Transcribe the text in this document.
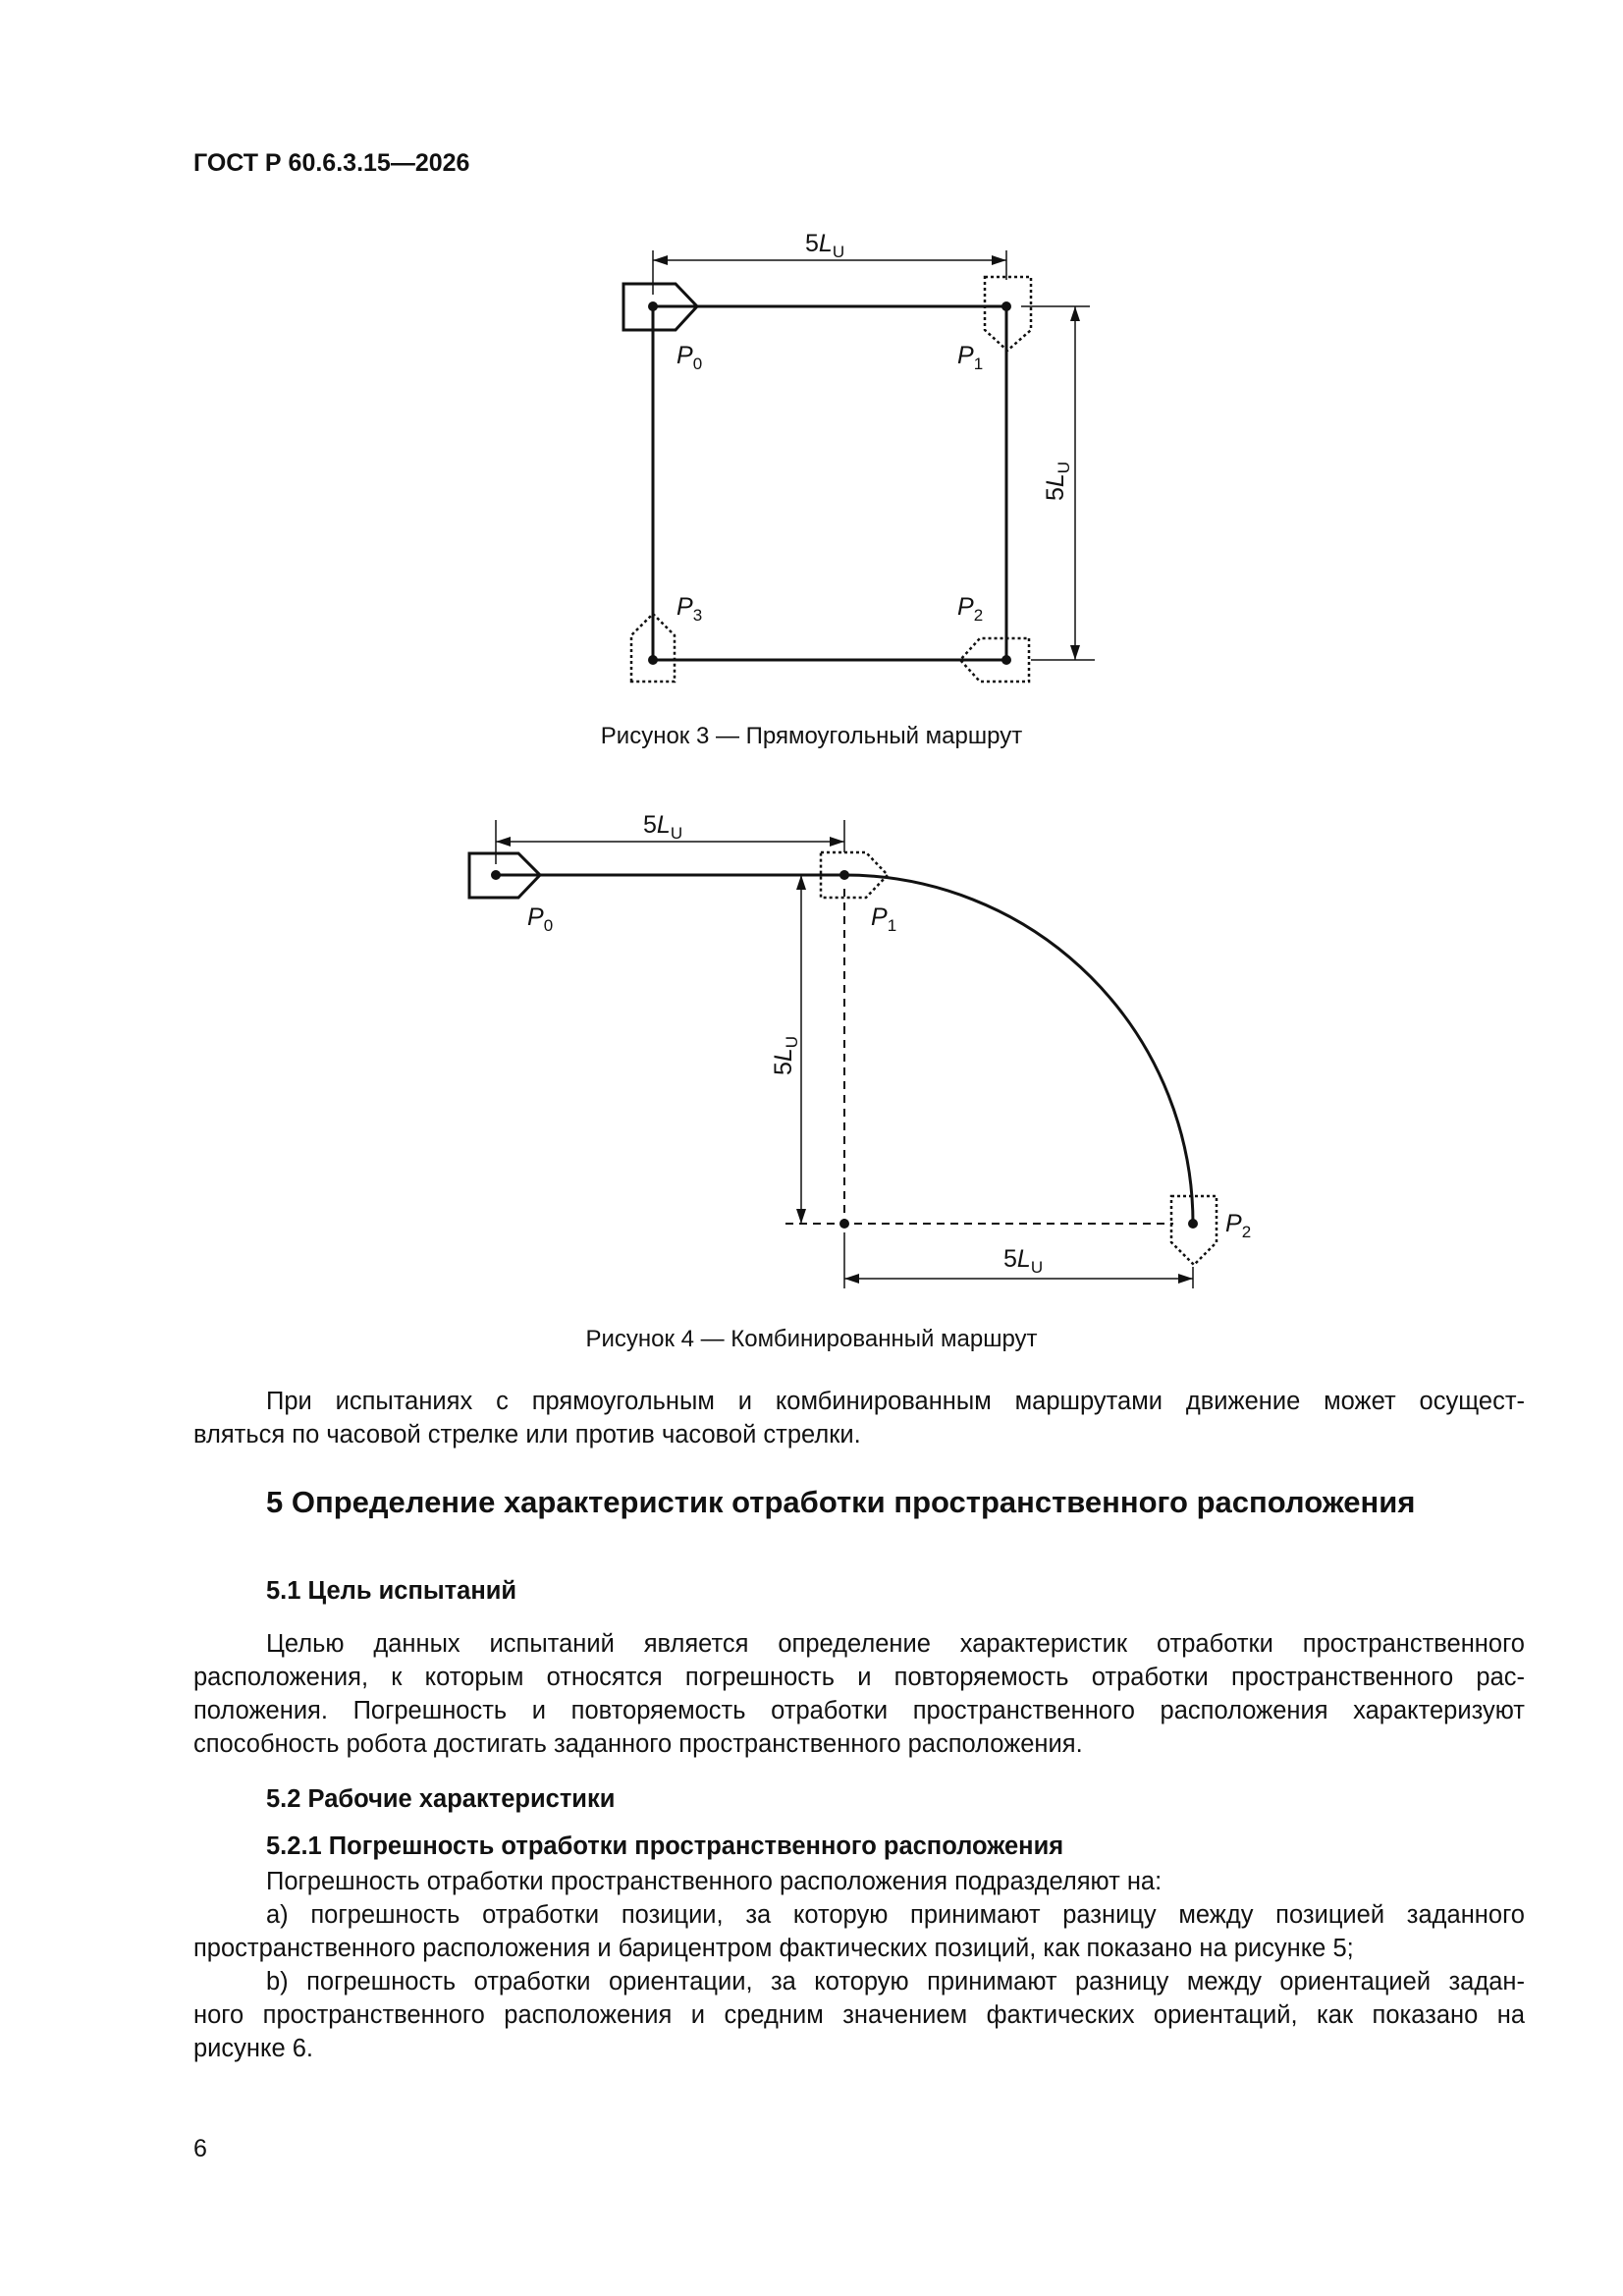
ГОСТ Р 60.6.3.15—2026
$5L_U$
$5L_U$
$P_0$	$P_1$
$P_2$
$P_3$
Рисунок 3 — Прямоугольный маршрут
$5L_U$
$5L_U$
$5L_U$
$P_0$	$P_1$
$P_2$
Рисунок 4 — Комбинированный маршрут
При испытаниях с прямоугольным и комбинированным маршрутами движение может осущест-
вляться по часовой стрелке или против часовой стрелки.
5 Определение характеристик отработки пространственного расположения
5.1 Цель испытаний
Целью данных испытаний является определение характеристик отработки пространственного
расположения, к которым относятся погрешность и повторяемость отработки пространственного рас-
положения. Погрешность и повторяемость отработки пространственного расположения характеризуют
способность робота достигать заданного пространственного расположения.
5.2 Рабочие характеристики
5.2.1 Погрешность отработки пространственного расположения
Погрешность отработки пространственного расположения подразделяют на:
а) погрешность отработки позиции, за которую принимают разницу между позицией заданного
пространственного расположения и барицентром фактических позиций, как показано на рисунке 5;
b) погрешность отработки ориентации, за которую принимают разницу между ориентацией задан-
ного пространственного расположения и средним значением фактических ориентаций, как показано на
рисунке 6.
6
